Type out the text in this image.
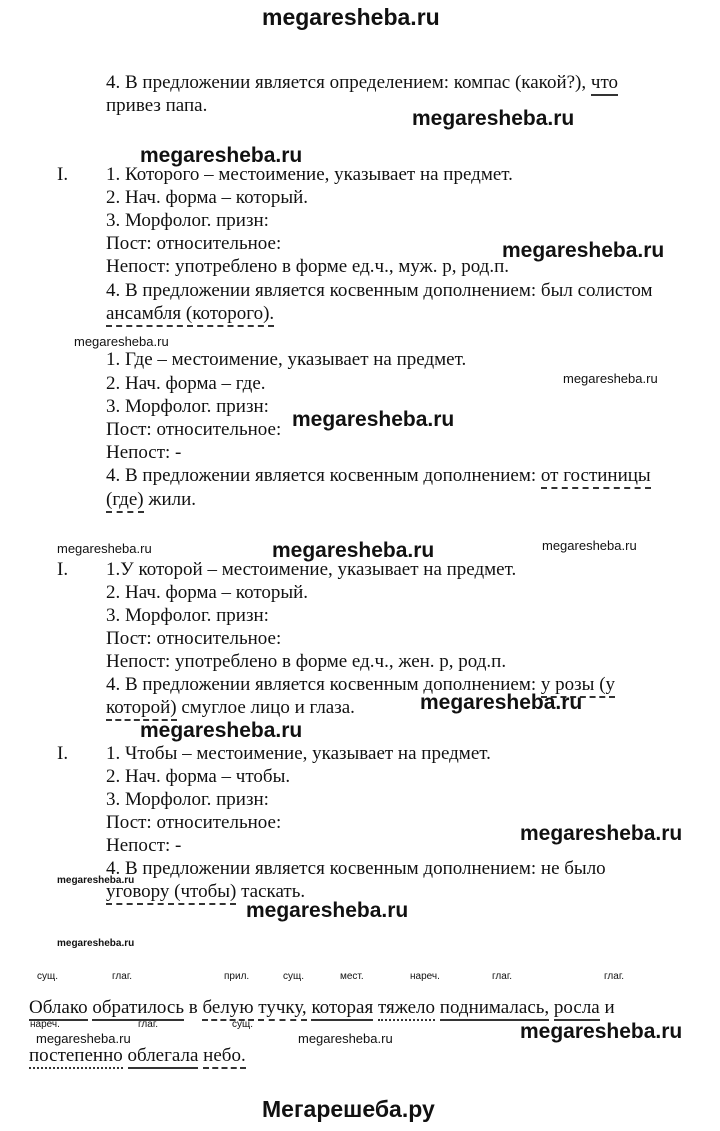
megaresheba.ru
4. В предложении является определением: компас (какой?), что
привез папа.
megaresheba.ru
megaresheba.ru
I. 1. Которого – местоимение, указывает на предмет.
2. Нач. форма – который.
3. Морфолог. призн:
Пост: относительное:	megaresheba.ru
Непост: употреблено в форме ед.ч., муж. р, род.п.
4. В предложении является косвенным дополнением: был солистом
ансамбля (которого).
megaresheba.ru
1. Где – местоимение, указывает на предмет.
2. Нач. форма – где.	megaresheba.ru
3. Морфолог. призн:
megaresheba.ru
Пост: относительное:
Непост: -
4. В предложении является косвенным дополнением: от гостиницы
(где) жили.
megaresheba.ru	megaresheba.ru	megaresheba.ru
I. 1.У которой – местоимение, указывает на предмет.
2. Нач. форма – который.
3. Морфолог. призн:
Пост: относительное:
Непост: употреблено в форме ед.ч., жен. р, род.п.
4. В предложении является косвенным дополнением: у розы (у
которой) смуглое лицо и глаза.	megaresheba.ru
megaresheba.ru
I. 1. Чтобы – местоимение, указывает на предмет.
2. Нач. форма – чтобы.
3. Морфолог. призн:
Пост: относительное:	megaresheba.ru
Непост: -
4. В предложении является косвенным дополнением: не было
megaresheba.ru
уговору (чтобы) таскать.
megaresheba.ru
megaresheba.ru
сущ.	глаг.	прил.	сущ.	мест.	нареч.	глаг.	глаг.
Облако обратилось в белую тучку, которая тяжело поднималась, росла и
нареч.	глаг.	сущ.	megaresheba.ru
megaresheba.ru	megaresheba.ru
постепенно облегала небо.
Мегарешеба.ру
